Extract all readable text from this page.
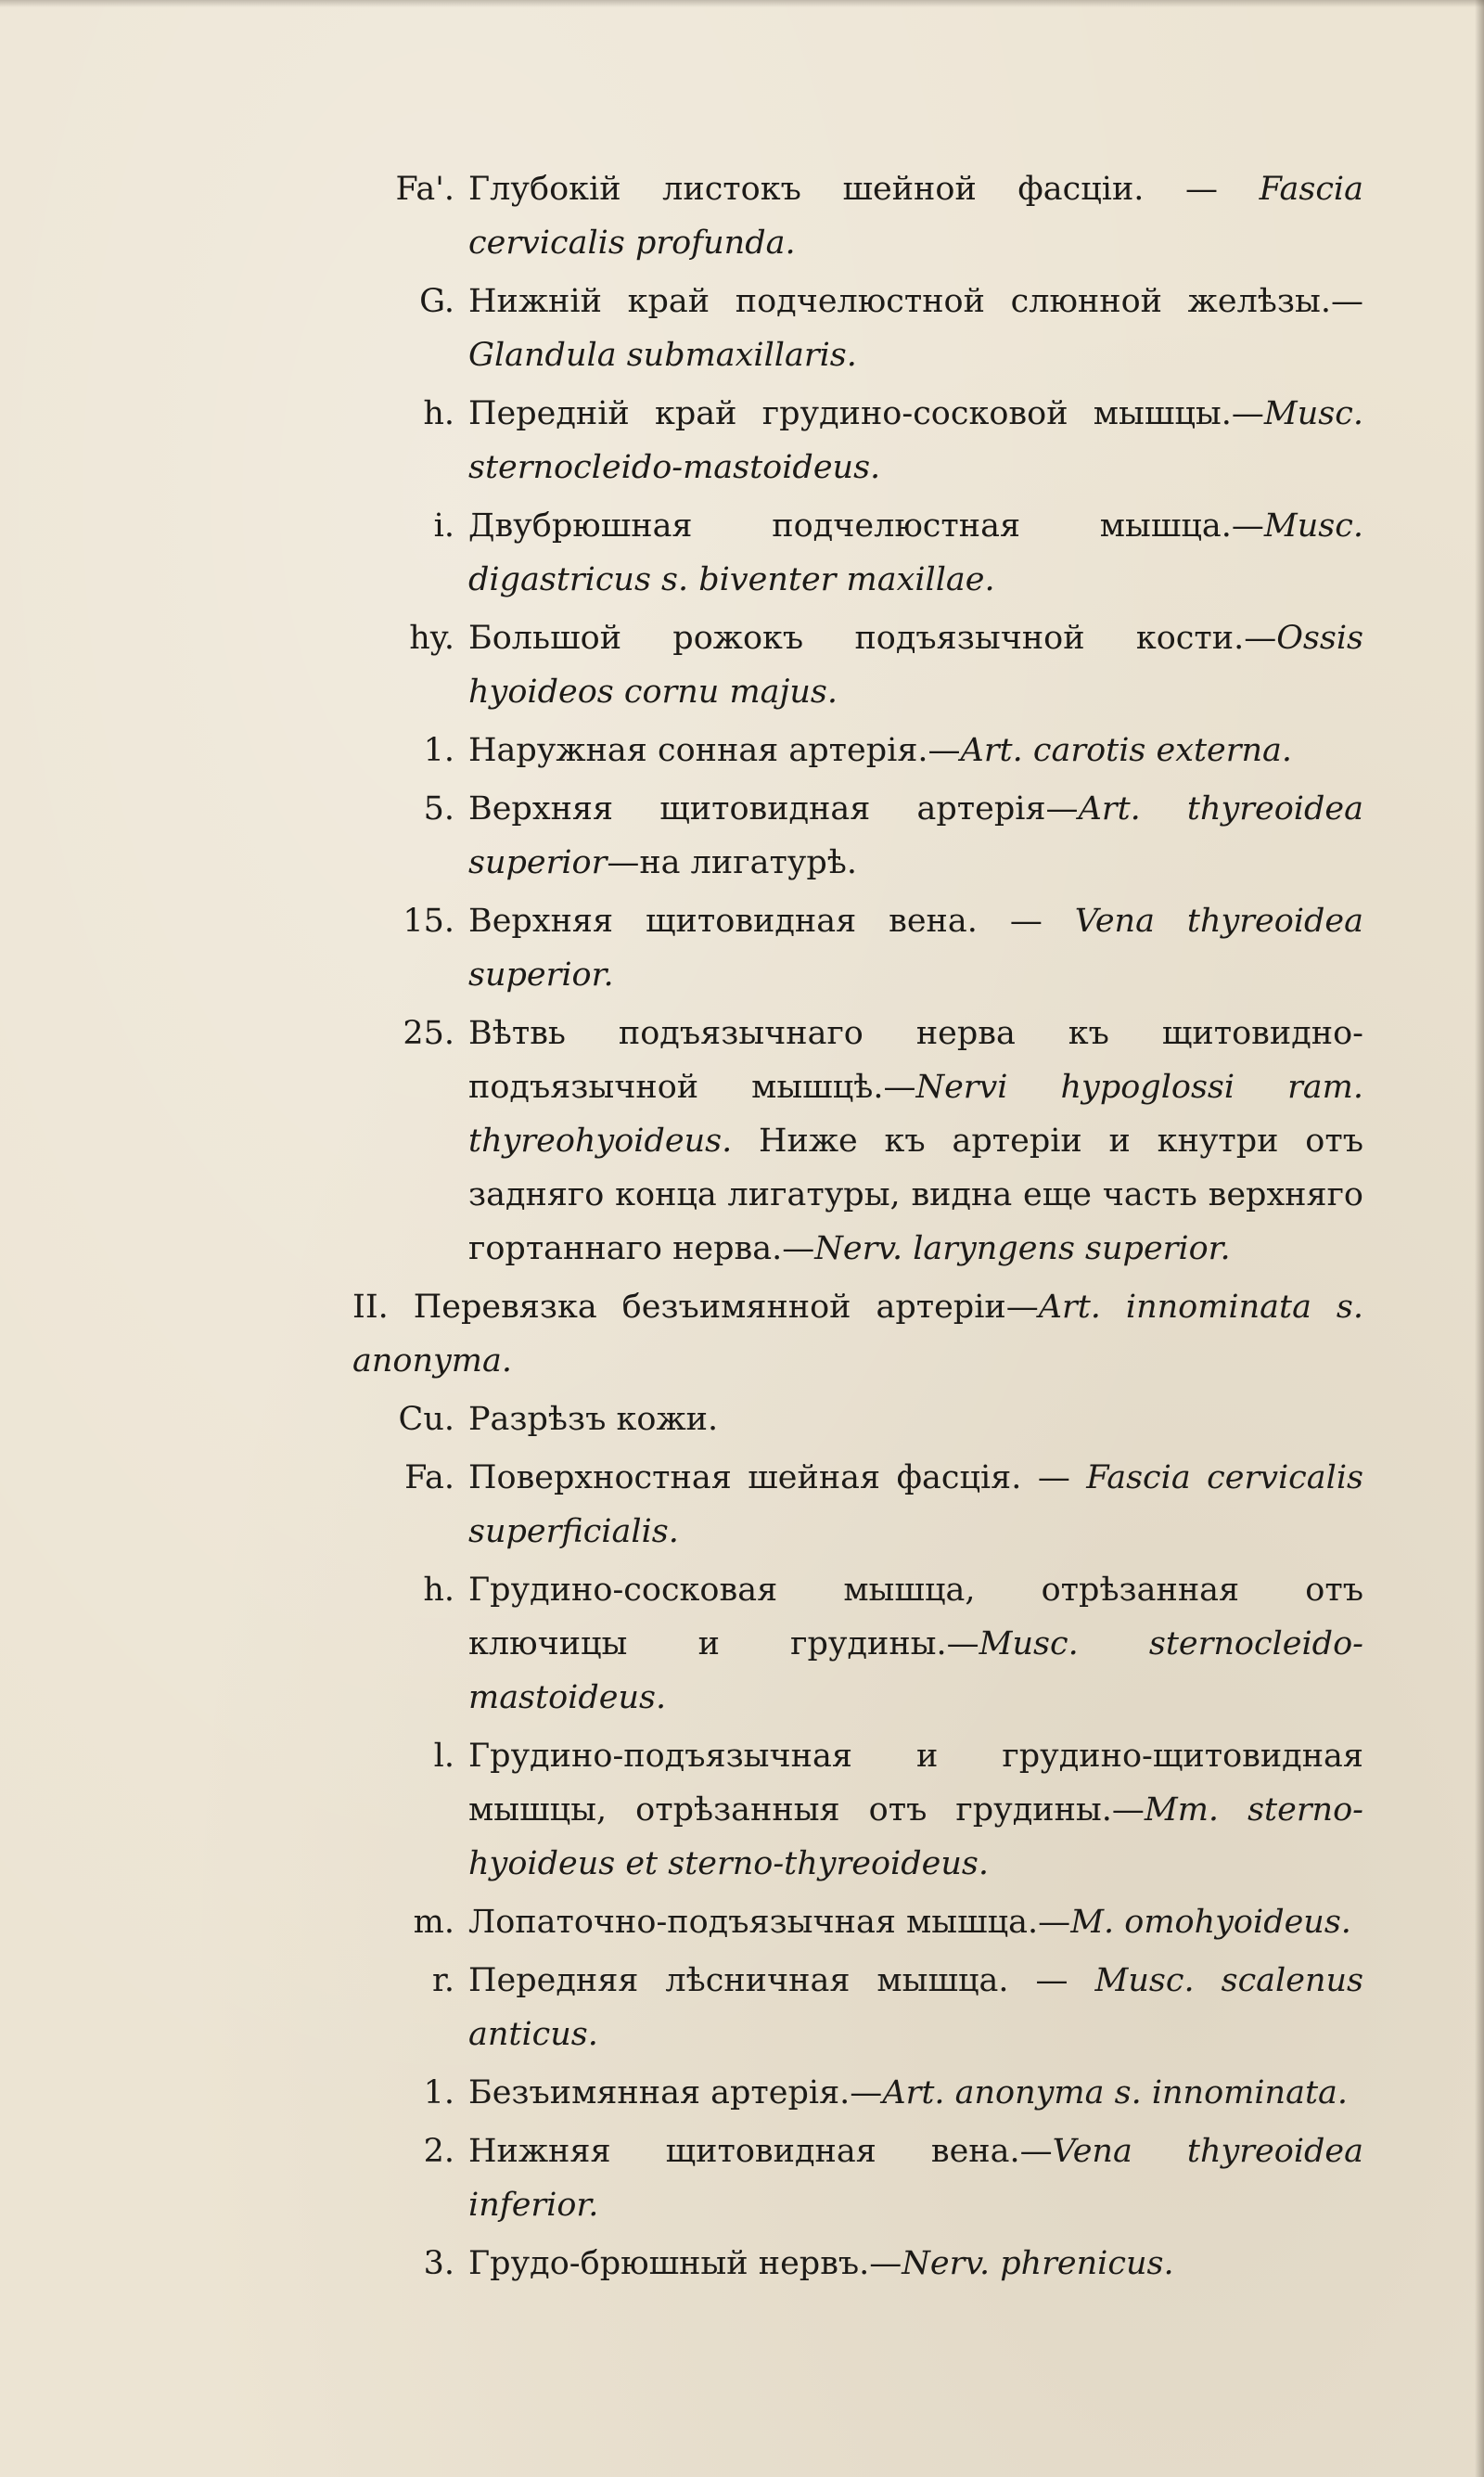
Fa'. Глубокій листокъ шейной фасціи. — Fascia cervicalis profunda.
G. Нижній край подчелюстной слюнной желѣзы.—Glandula submaxillaris.
h. Передній край грудино-сосковой мышцы.—Musc. sternocleido-mastoideus.
i. Двубрюшная подчелюстная мышца.—Musc. digastricus s. biventer maxillae.
hy. Большой рожокъ подъязычной кости.—Ossis hyoideos cornu majus.
1. Наружная сонная артерія.—Art. carotis externa.
5. Верхняя щитовидная артерія—Art. thyreoidea superior—на лигатурѣ.
15. Верхняя щитовидная вена. — Vena thyreoidea superior.
25. Вѣтвь подъязычнаго нерва къ щитовидно-подъязычной мышцѣ.—Nervi hypoglossi ram. thyreohyoideus. Ниже къ артеріи и кнутри отъ задняго конца лигатуры, видна еще часть верхняго гортаннаго нерва.—Nerv. laryngens superior.
II. Перевязка безъимянной артеріи—Art. innominata s. anonyma.
Cu. Разрѣзъ кожи.
Fa. Поверхностная шейная фасція. — Fascia cervicalis superficialis.
h. Грудино-сосковая мышца, отрѣзанная отъ ключицы и грудины.—Musc. sternocleido-mastoideus.
l. Грудино-подъязычная и грудино-щитовидная мышцы, отрѣзанныя отъ грудины.—Mm. sterno-hyoideus et sterno-thyreoideus.
m. Лопаточно-подъязычная мышца.—M. omohyoideus.
r. Передняя лѣсничная мышца. — Musc. scalenus anticus.
1. Безъимянная артерія.—Art. anonyma s. innominata.
2. Нижняя щитовидная вена.—Vena thyreoidea inferior.
3. Грудо-брюшный нервъ.—Nerv. phrenicus.
